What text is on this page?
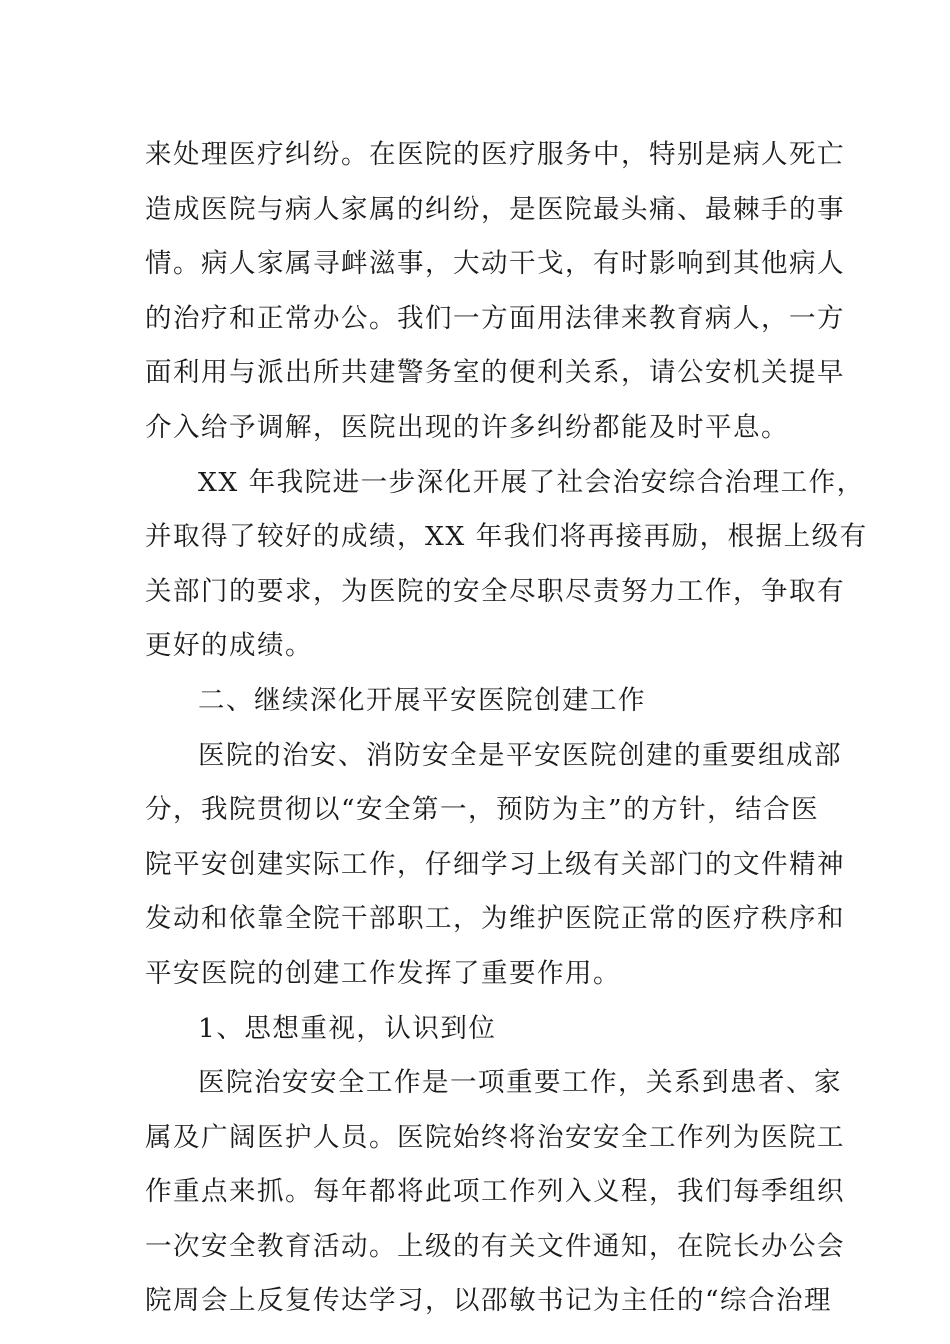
来处理医疗纠纷。在医院的医疗服务中，特别是病人死亡
造成医院与病人家属的纠纷，是医院最头痛、最棘手的事
情。病人家属寻衅滋事，大动干戈，有时影响到其他病人
的治疗和正常办公。我们一方面用法律来教育病人，一方
面利用与派出所共建警务室的便利关系，请公安机关提早
介入给予调解，医院出现的许多纠纷都能及时平息。
XX 年我院进一步深化开展了社会治安综合治理工作，
并取得了较好的成绩，XX 年我们将再接再励，根据上级有
关部门的要求，为医院的安全尽职尽责努力工作，争取有
更好的成绩。
二、继续深化开展平安医院创建工作
医院的治安、消防安全是平安医院创建的重要组成部
分，我院贯彻以“安全第一，预防为主”的方针，结合医
院平安创建实际工作，仔细学习上级有关部门的文件精神
发动和依靠全院干部职工，为维护医院正常的医疗秩序和
平安医院的创建工作发挥了重要作用。
1、思想重视，认识到位
医院治安安全工作是一项重要工作，关系到患者、家
属及广阔医护人员。医院始终将治安安全工作列为医院工
作重点来抓。每年都将此项工作列入义程，我们每季组织
一次安全教育活动。上级的有关文件通知，在院长办公会
院周会上反复传达学习，以邵敏书记为主任的“综合治理
